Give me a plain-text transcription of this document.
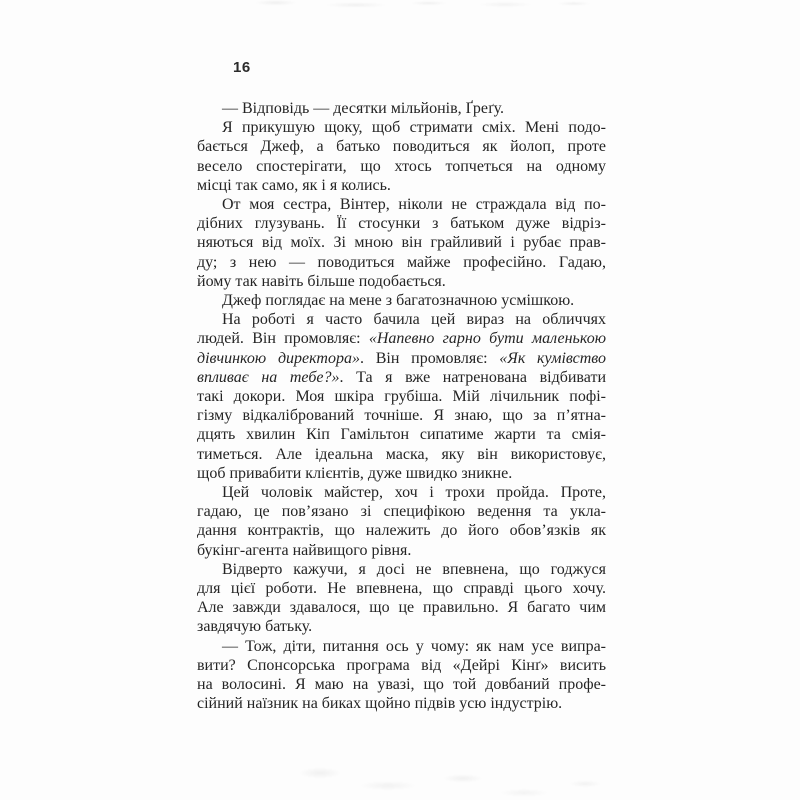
16
— Відповідь — десятки мільйонів, Ґреґу.
Я прикушую щоку, щоб стримати сміх. Мені подо-
бається Джеф, а батько поводиться як йолоп, проте
весело спостерігати, що хтось топчеться на одному
місці так само, як і я колись.
От моя сестра, Вінтер, ніколи не страждала від по-
дібних глузувань. Її стосунки з батьком дуже відріз-
няються від моїх. Зі мною він грайливий і рубає прав-
ду; з нею — поводиться майже професійно. Гадаю,
йому так навіть більше подобається.
Джеф поглядає на мене з багатозначною усмішкою.
На роботі я часто бачила цей вираз на обличчях
людей. Він промовляє: «Напевно гарно бути маленькою
дівчинкою директора». Він промовляє: «Як кумівство
впливає на тебе?». Та я вже натренована відбивати
такі докори. Моя шкіра грубіша. Мій лічильник пофі-
гізму відкалібрований точніше. Я знаю, що за п’ятна-
дцять хвилин Кіп Гамільтон сипатиме жарти та смія-
тиметься. Але ідеальна маска, яку він використовує,
щоб привабити клієнтів, дуже швидко зникне.
Цей чоловік майстер, хоч і трохи пройда. Проте,
гадаю, це пов’язано зі специфікою ведення та укла-
дання контрактів, що належить до його обов’язків як
букінг-агента найвищого рівня.
Відверто кажучи, я досі не впевнена, що годжуся
для цієї роботи. Не впевнена, що справді цього хочу.
Але завжди здавалося, що це правильно. Я багато чим
завдячую батьку.
— Тож, діти, питання ось у чому: як нам усе випра-
вити? Спонсорська програма від «Дейрі Кінґ» висить
на волосині. Я маю на увазі, що той довбаний профе-
сійний наїзник на биках щойно підвів усю індустрію.
